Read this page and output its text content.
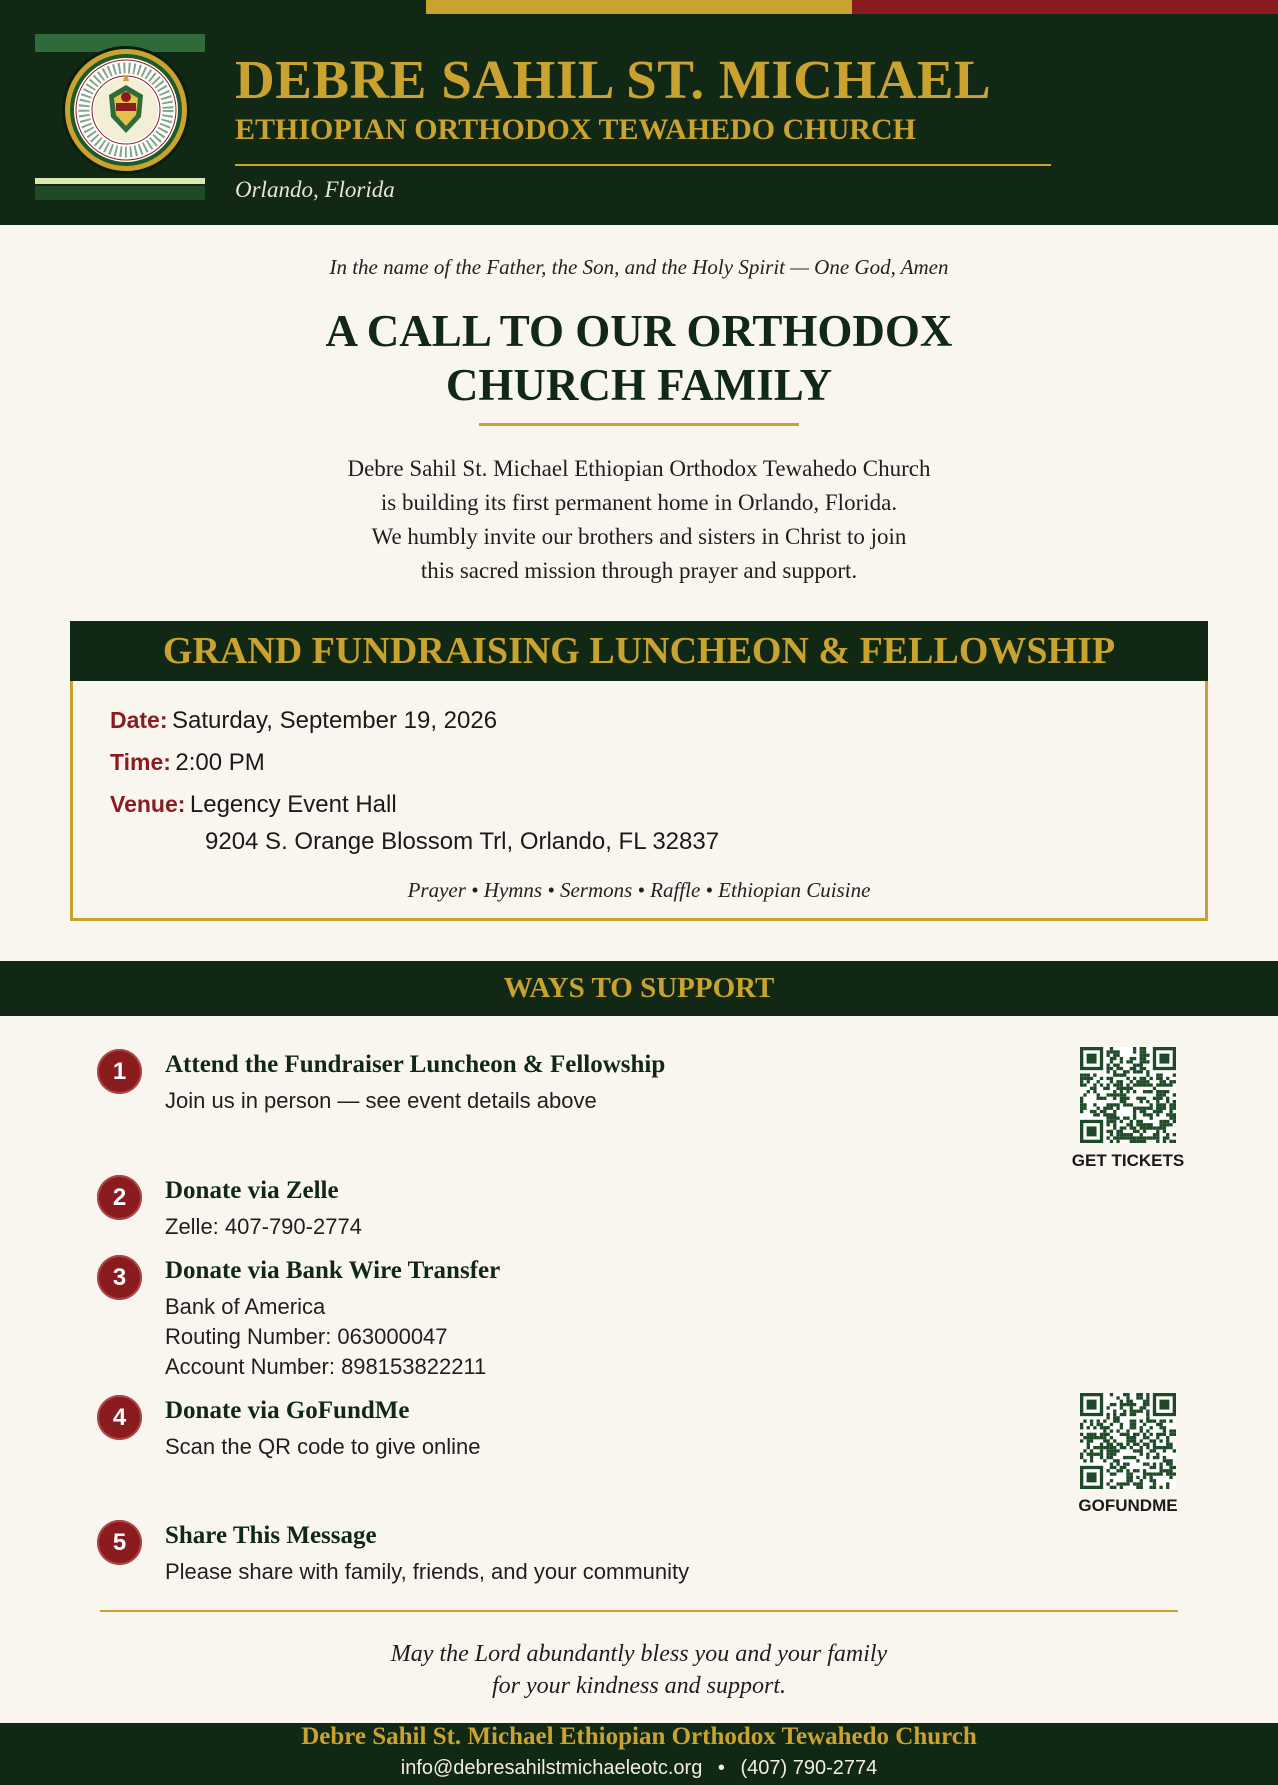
DEBRE SAHIL ST. MICHAEL
ETHIOPIAN ORTHODOX TEWAHEDO CHURCH
Orlando, Florida
In the name of the Father, the Son, and the Holy Spirit — One God, Amen
A CALL TO OUR ORTHODOX
CHURCH FAMILY
Debre Sahil St. Michael Ethiopian Orthodox Tewahedo Church
is building its first permanent home in Orlando, Florida.
We humbly invite our brothers and sisters in Christ to join
this sacred mission through prayer and support.
GRAND FUNDRAISING LUNCHEON & FELLOWSHIP
Date: Saturday, September 19, 2026
Time: 2:00 PM
Venue: Legency Event Hall
9204 S. Orange Blossom Trl, Orlando, FL 32837
Prayer • Hymns • Sermons • Raffle • Ethiopian Cuisine
WAYS TO SUPPORT
1	Attend the Fundraiser Luncheon & Fellowship
Join us in person — see event details above
2	Donate via Zelle
Zelle: 407-790-2774
3	Donate via Bank Wire Transfer
Bank of America
Routing Number: 063000047
Account Number: 898153822211
4	Donate via GoFundMe
Scan the QR code to give online
5	Share This Message
Please share with family, friends, and your community
GET TICKETS
GOFUNDME
May the Lord abundantly bless you and your family
for your kindness and support.
Debre Sahil St. Michael Ethiopian Orthodox Tewahedo Church
info@debresahilstmichaeleotc.org • (407) 790-2774
